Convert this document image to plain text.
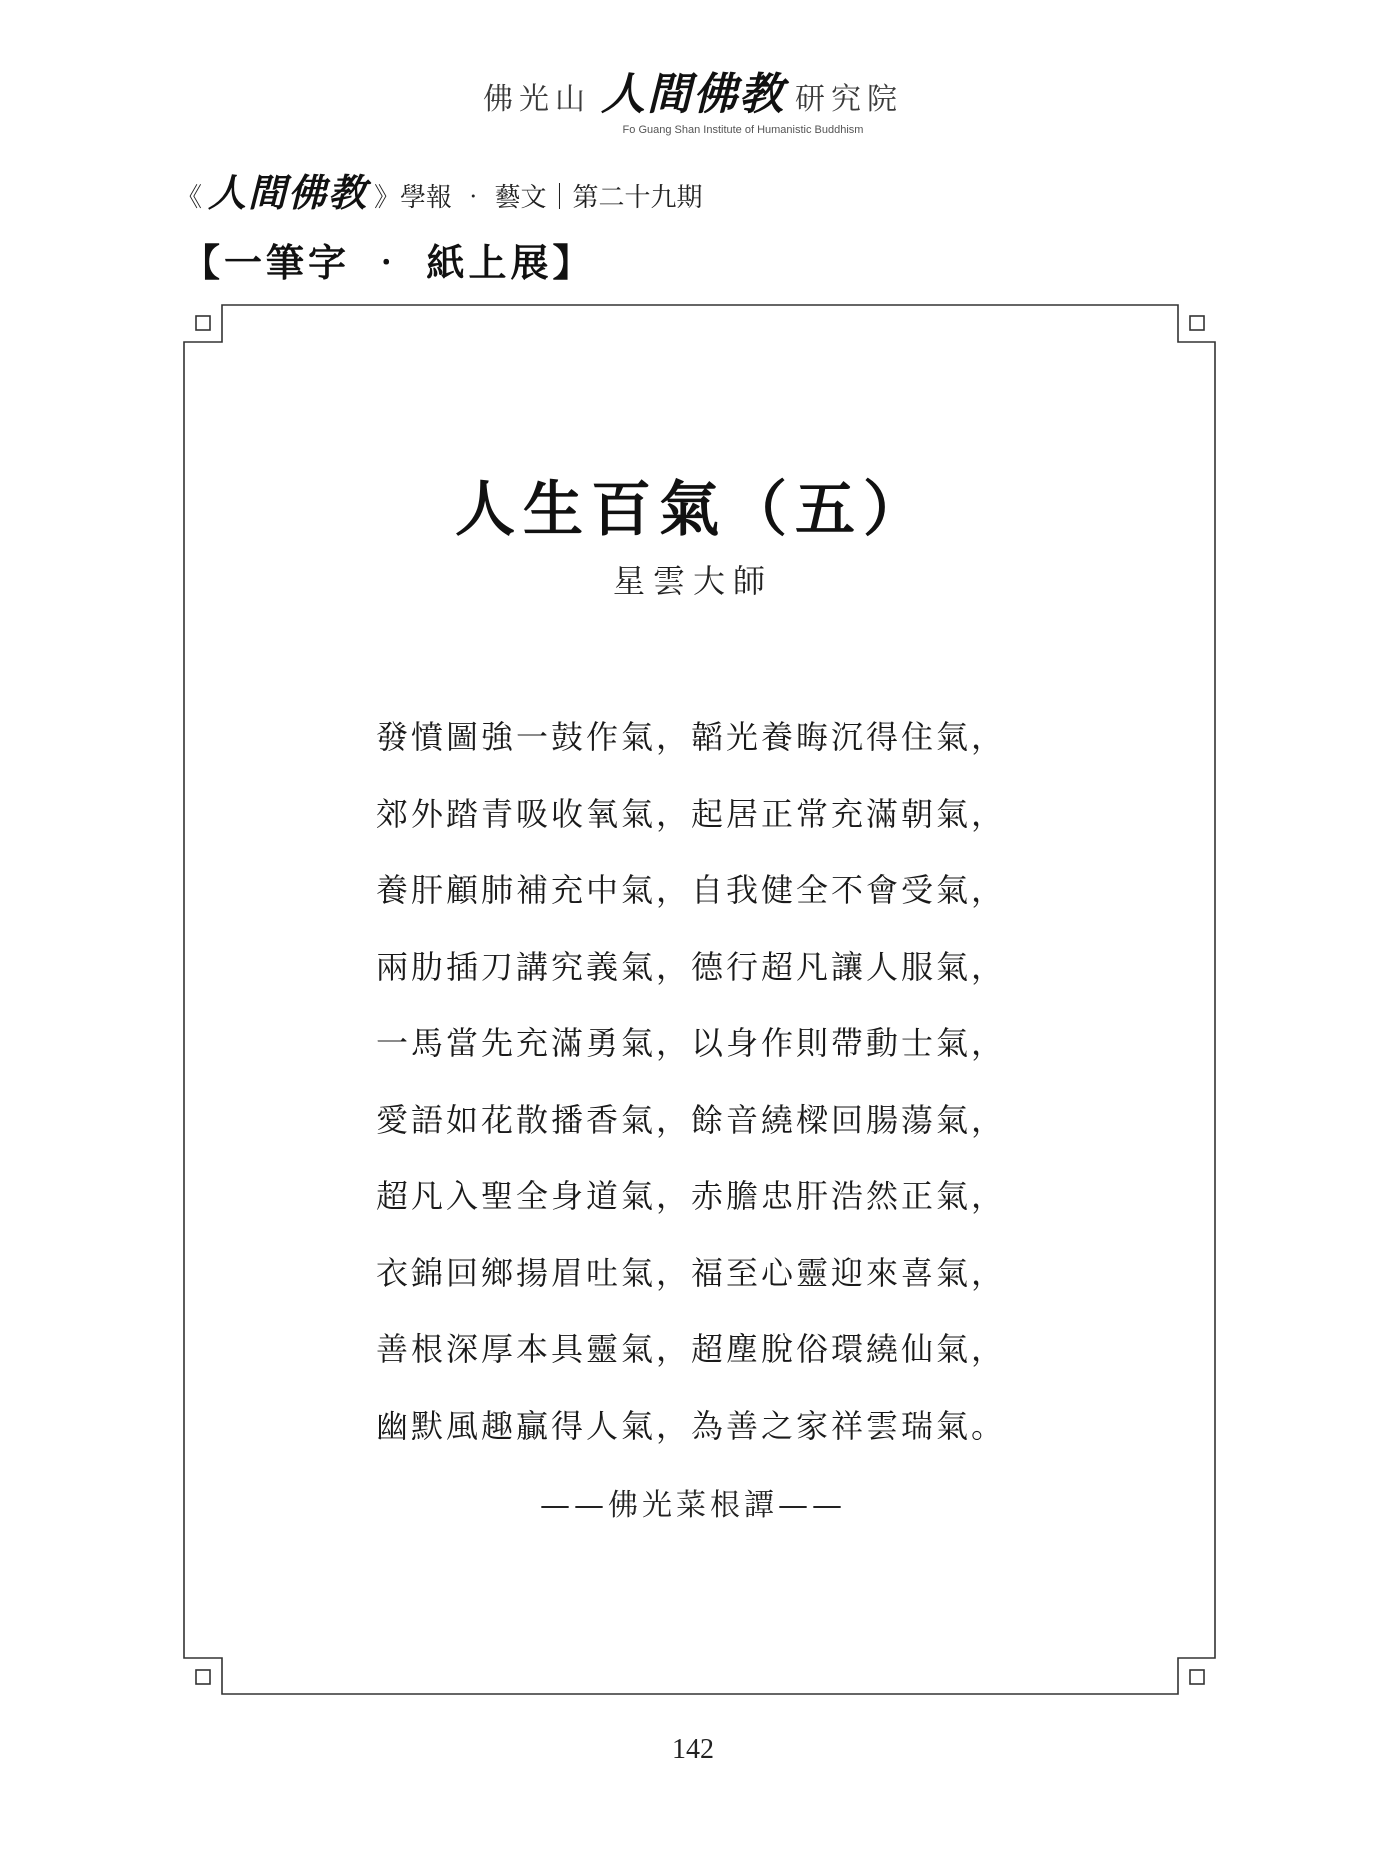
佛光山 人間佛教 研究院
Fo Guang Shan Institute of Humanistic Buddhism
《 人間佛教 》學報 ‧ 藝文｜第二十九期
【一筆字 ‧ 紙上展】
人生百氣（五）
星雲大師
發憤圖強一鼓作氣，韜光養晦沉得住氣，
郊外踏青吸收氧氣，起居正常充滿朝氣，
養肝顧肺補充中氣，自我健全不會受氣，
兩肋插刀講究義氣，德行超凡讓人服氣，
一馬當先充滿勇氣，以身作則帶動士氣，
愛語如花散播香氣，餘音繞樑回腸蕩氣，
超凡入聖全身道氣，赤膽忠肝浩然正氣，
衣錦回鄉揚眉吐氣，福至心靈迎來喜氣，
善根深厚本具靈氣，超塵脫俗環繞仙氣，
幽默風趣贏得人氣，為善之家祥雲瑞氣。
——佛光菜根譚——
142
